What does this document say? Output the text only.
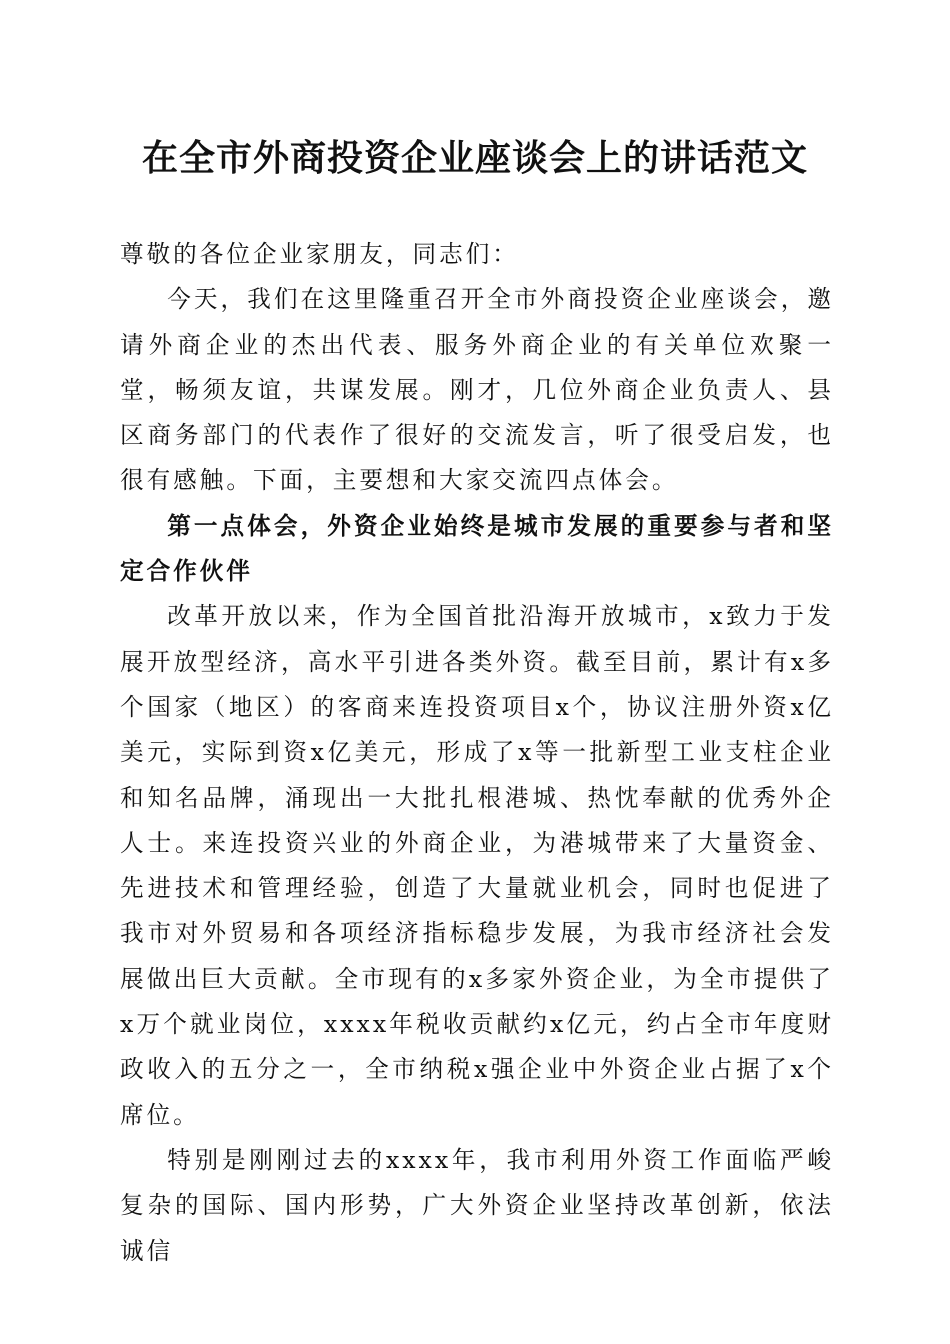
在全市外商投资企业座谈会上的讲话范文

尊敬的各位企业家朋友，同志们：

今天，我们在这里隆重召开全市外商投资企业座谈会，邀请外商企业的杰出代表、服务外商企业的有关单位欢聚一堂，畅须友谊，共谋发展。刚才，几位外商企业负责人、县区商务部门的代表作了很好的交流发言，听了很受启发，也很有感触。下面，主要想和大家交流四点体会。

第一点体会，外资企业始终是城市发展的重要参与者和坚定合作伙伴

改革开放以来，作为全国首批沿海开放城市，x致力于发展开放型经济，高水平引进各类外资。截至目前，累计有x多个国家（地区）的客商来连投资项目x个，协议注册外资x亿美元，实际到资x亿美元，形成了x等一批新型工业支柱企业和知名品牌，涌现出一大批扎根港城、热忱奉献的优秀外企人士。来连投资兴业的外商企业，为港城带来了大量资金、先进技术和管理经验，创造了大量就业机会，同时也促进了我市对外贸易和各项经济指标稳步发展，为我市经济社会发展做出巨大贡献。全市现有的x多家外资企业，为全市提供了x万个就业岗位，xxxx年税收贡献约x亿元，约占全市年度财政收入的五分之一，全市纳税x强企业中外资企业占据了x个席位。

特别是刚刚过去的xxxx年，我市利用外资工作面临严峻复杂的国际、国内形势，广大外资企业坚持改革创新，依法诚信
